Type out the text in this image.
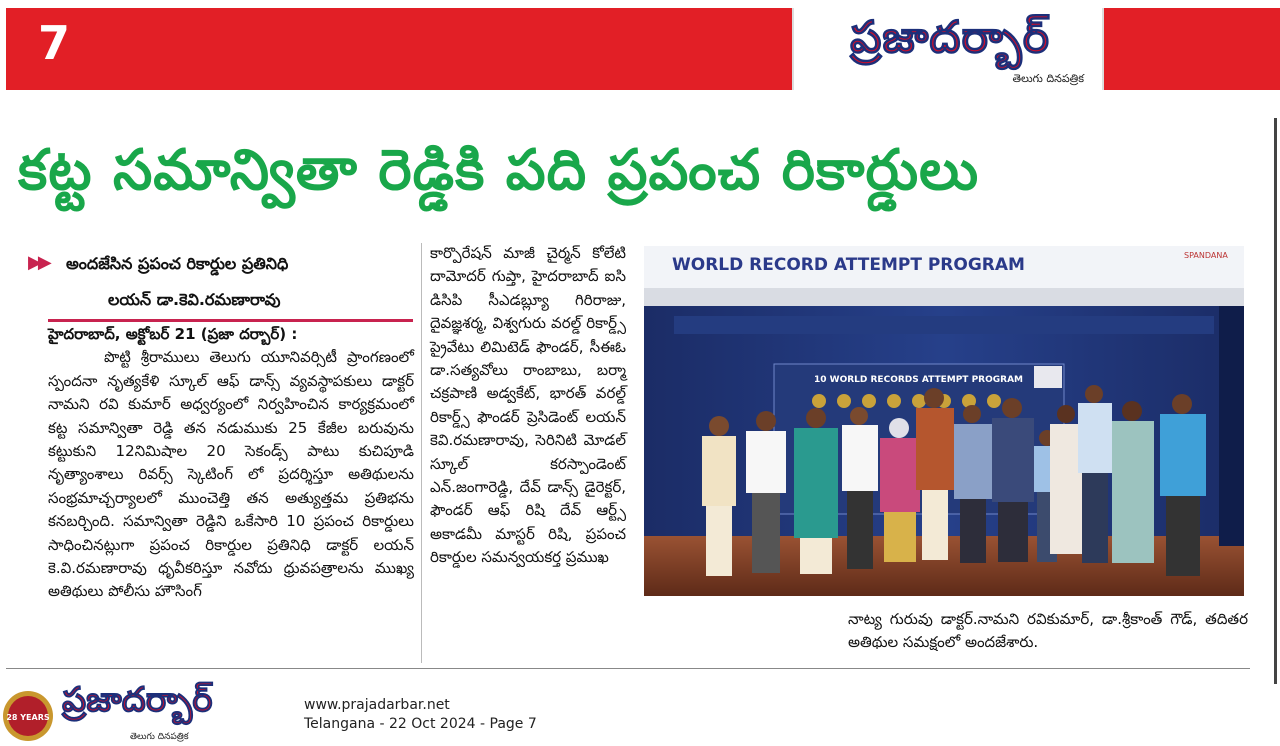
7	ప్రజాదర్బార్
తెలుగు దినపత్రిక
కట్ట సమాన్వితా రెడ్డికి పది ప్రపంచ రికార్డులు
▶▶ అందజేసిన ప్రపంచ రికార్డుల ప్రతినిధి
లయన్ డా.కెవి.రమణారావు

హైదరాబాద్, అక్టోబర్ 21 (ప్రజా దర్బార్) :

పొట్టి శ్రీరాములు తెలుగు యూనివర్సిటీ ప్రాంగణంలో స్పందనా నృత్యకేళి స్కూల్ ఆఫ్ డాన్స్ వ్యవస్థాపకులు డాక్టర్ నామని రవి కుమార్ అధ్వర్యంలో నిర్వహించిన కార్యక్రమంలో కట్ట సమాన్వితా రెడ్డి తన నడుముకు 25 కేజీల బరువును కట్టుకుని 12నిమిషాల 20 సెకండ్స్ పాటు కుచిపూడి నృత్యాంశాలు రివర్స్ స్కెటింగ్ లో ప్రదర్శిస్తూ అతిథులను సంభ్రమాచ్చర్యాలలో ముంచెత్తి తన అత్యుత్తమ ప్రతిభను కనబర్చింది. సమాన్వితా రెడ్డిని ఒకేసారి 10 ప్రపంచ రికార్డులు సాధించినట్లుగా ప్రపంచ రికార్డుల ప్రతినిధి డాక్టర్ లయన్ కె.వి.రమణారావు ధృవీకరిస్తూ నవోదు ధ్రువపత్రాలను ముఖ్య అతిథులు పోలీసు హౌసింగ్

కార్పొరేషన్ మాజీ చైర్మన్ కోలేటి దామోదర్ గుప్తా, హైదరాబాద్ ఐసి డిసిపి సీఎడబ్ల్యూ గిరిరాజు, దైవజ్ఞశర్మ, విశ్వగురు వరల్డ్ రికార్డ్స్ ప్రైవేటు లిమిటెడ్ ఫౌండర్, సీఈఓ డా.సత్యవోలు రాంబాబు, బర్మా చక్రపాణి అడ్వకేట్, భారత్ వరల్డ్ రికార్డ్స్ ఫౌండర్ ప్రెసిడెంట్ లయన్ కెవి.రమణారావు, సెరినిటి మోడల్ స్కూల్ కరస్పాండెంట్ ఎన్.జంగారెడ్డి, దేవ్ డాన్స్ డైరెక్టర్, ఫౌండర్ ఆఫ్ రిషి దేవ్ ఆర్ట్స్ అకాడమీ మాస్టర్ రిషి, ప్రపంచ రికార్డుల సమన్వయకర్త ప్రముఖ

నాట్య గురువు డాక్టర్.నామని రవికుమార్, డా.శ్రీకాంత్ గౌడ్, తదితర అతిథుల సమక్షంలో అందజేశారు.

WORLD RECORD ATTEMPT PROGRAM	SPANDANA
10 WORLD RECORDS ATTEMPT PROGRAM
28 YEARS ప్రజాదర్బార్
తెలుగు దినపత్రిక
www.prajadarbar.net
Telangana - 22 Oct 2024 - Page 7
